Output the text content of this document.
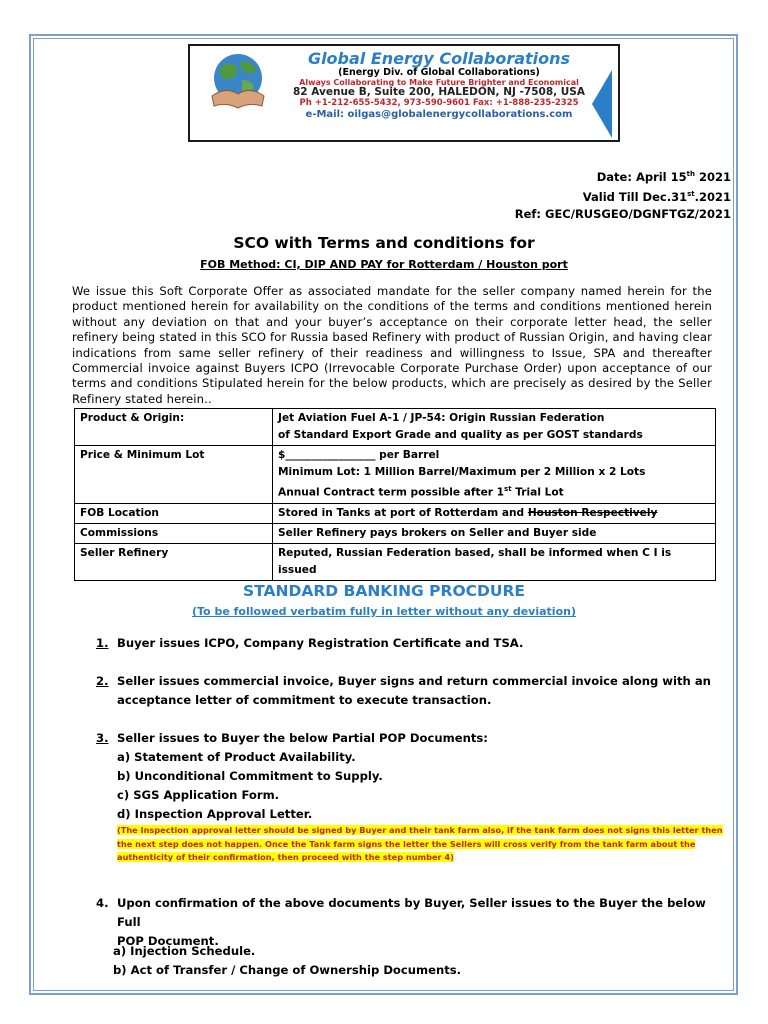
Global Energy Collaborations
(Energy Div. of Global Collaborations)
Always Collaborating to Make Future Brighter and Economical
82 Avenue B, Suite 200, HALEDON, NJ -7508, USA
Ph +1-212-655-5432, 973-590-9601 Fax: +1-888-235-2325
e-Mail: oilgas@globalenergycollaborations.com
Date: April 15th 2021
Valid Till Dec.31st.2021
Ref: GEC/RUSGEO/DGNFTGZ/2021
SCO with Terms and conditions for
FOB Method: CI, DIP AND PAY for Rotterdam / Houston port
We issue this Soft Corporate Offer as associated mandate for the seller company named herein for the product mentioned herein for availability on the conditions of the terms and conditions mentioned herein without any deviation on that and your buyer’s acceptance on their corporate letter head, the seller refinery being stated in this SCO for Russia based Refinery with product of Russian Origin, and having clear indications from same seller refinery of their readiness and willingness to Issue, SPA and thereafter Commercial invoice against Buyers ICPO (Irrevocable Corporate Purchase Order) upon acceptance of our terms and conditions Stipulated herein for the below products, which are precisely as desired by the Seller Refinery stated herein..
Product & Origin:	Jet Aviation Fuel A-1 / JP-54: Origin Russian Federation
of Standard Export Grade and quality as per GOST standards

Price & Minimum Lot	$_________________ per Barrel
Minimum Lot: 1 Million Barrel/Maximum per 2 Million x 2 Lots
Annual Contract term possible after 1st Trial Lot

FOB Location	Stored in Tanks at port of Rotterdam and Houston Respectively
Commissions	Seller Refinery pays brokers on Seller and Buyer side
Seller Refinery	Reputed, Russian Federation based, shall be informed when C I is issued
STANDARD BANKING PROCDURE
(To be followed verbatim fully in letter without any deviation)
1. Buyer issues ICPO, Company Registration Certificate and TSA.
2. Seller issues commercial invoice, Buyer signs and return commercial invoice along with an
acceptance letter of commitment to execute transaction.
3. Seller issues to Buyer the below Partial POP Documents:
a) Statement of Product Availability.
b) Unconditional Commitment to Supply.
c) SGS Application Form.
d) Inspection Approval Letter.
(The Inspection approval letter should be signed by Buyer and their tank farm also, if the tank farm does not signs this letter then the next step does not happen. Once the Tank farm signs the letter the Sellers will cross verify from the tank farm about the authenticity of their confirmation, then proceed with the step number 4)
4. Upon confirmation of the above documents by Buyer, Seller issues to the Buyer the below Full
POP Document.
a) Injection Schedule.
b) Act of Transfer / Change of Ownership Documents.
